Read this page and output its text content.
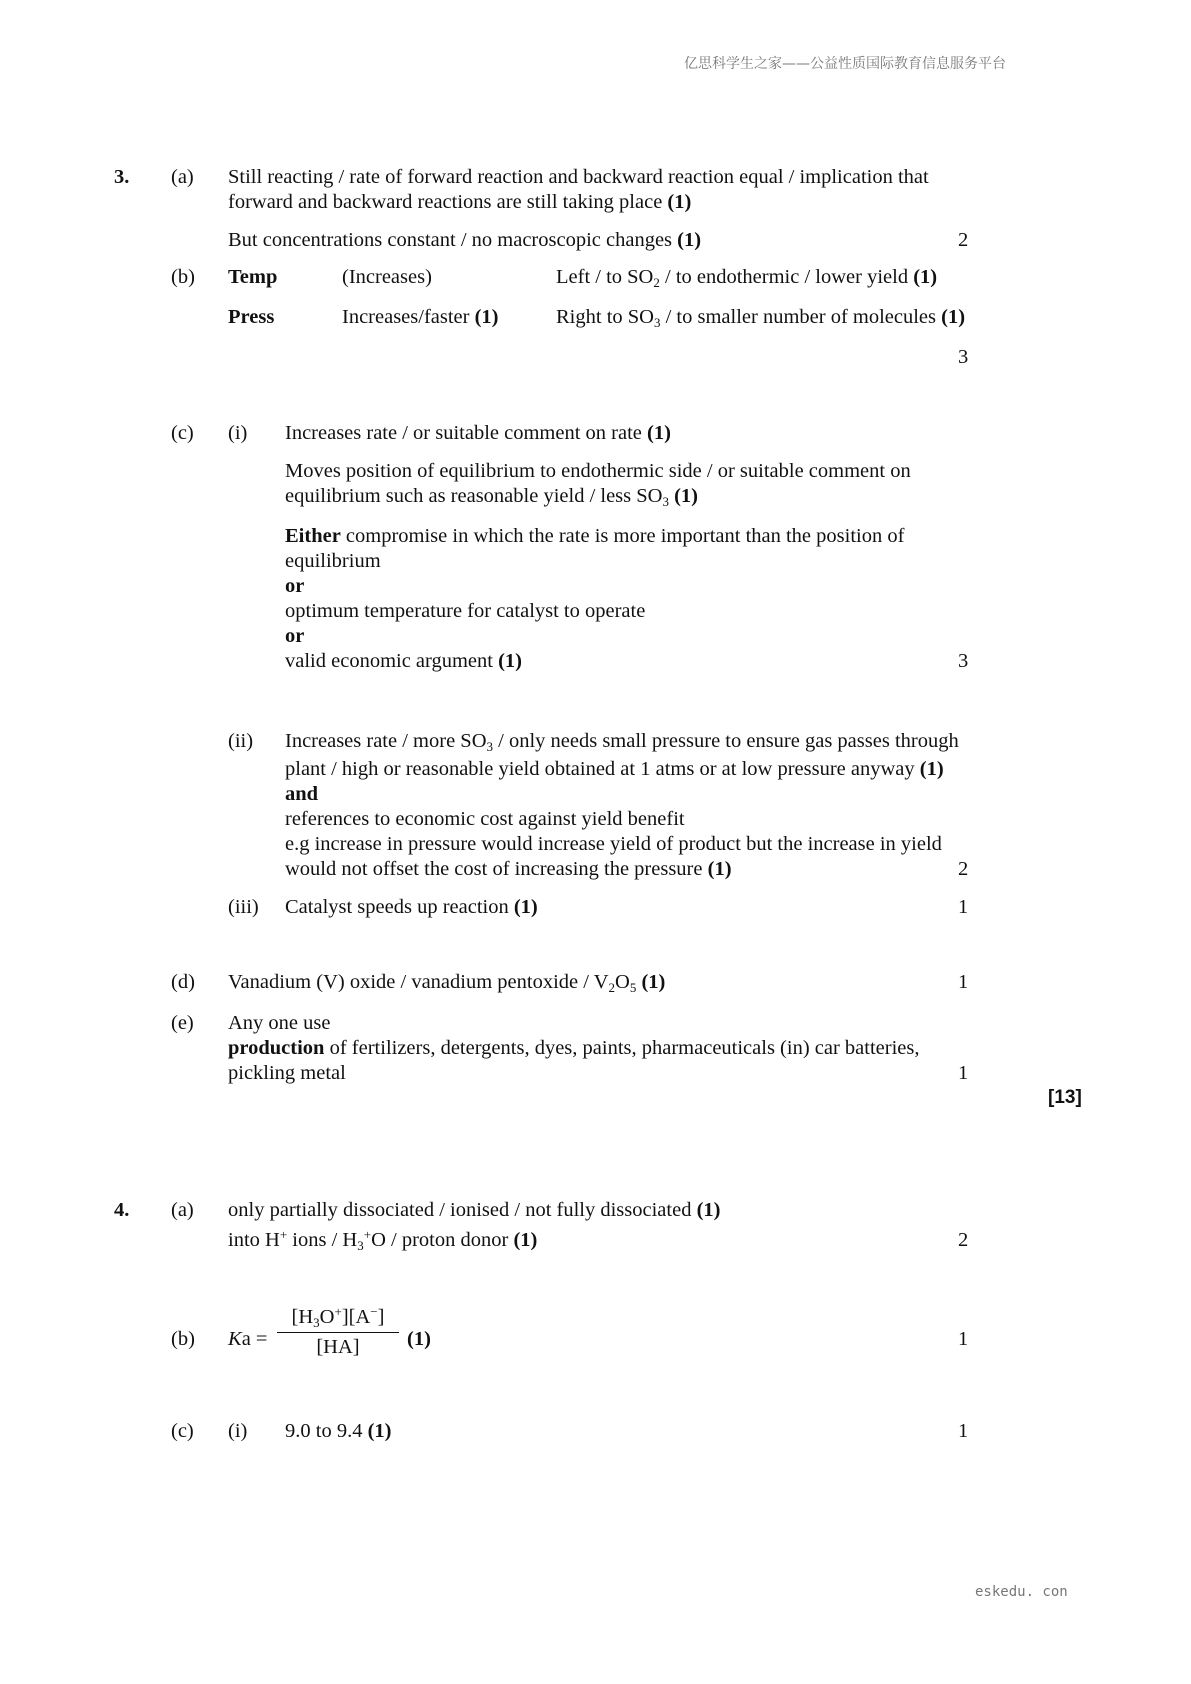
亿思科学生之家——公益性质国际教育信息服务平台
eskedu. con
3. (a) Still reacting / rate of forward reaction and backward reaction equal / implication that
forward and backward reactions are still taking place (1)
But concentrations constant / no macroscopic changes (1)	2
(b) Temp	(Increases)	Left / to $SO_2$ / to endothermic / lower yield (1)
Press	Increases/faster (1)	Right to $SO_3$ / to smaller number of molecules (1)
3
(c) (i) Increases rate / or suitable comment on rate (1)
Moves position of equilibrium to endothermic side / or suitable comment on
equilibrium such as reasonable yield / less $SO_3$ (1)
Either compromise in which the rate is more important than the position of
equilibrium
or
optimum temperature for catalyst to operate
or
valid economic argument (1)	3
(ii) Increases rate / more $SO_3$ / only needs small pressure to ensure gas passes through
plant / high or reasonable yield obtained at 1 atms or at low pressure anyway (1)
and
references to economic cost against yield benefit
e.g increase in pressure would increase yield of product but the increase in yield
would not offset the cost of increasing the pressure (1)	2
(iii) Catalyst speeds up reaction (1)	1
(d) Vanadium (V) oxide / vanadium pentoxide / $V_2O_5$ (1)	1
(e) Any one use
production of fertilizers, detergents, dyes, paints, pharmaceuticals (in) car batteries,
pickling metal	1
[13]
4. (a) only partially dissociated / ionised / not fully dissociated (1)
into H+ ions / $H_3^+O$ / proton donor (1)	2
(b) Ka =
$[H_3O^+][A^-]$
[HA]	(1)	1
(c) (i) 9.0 to 9.4 (1)	1
